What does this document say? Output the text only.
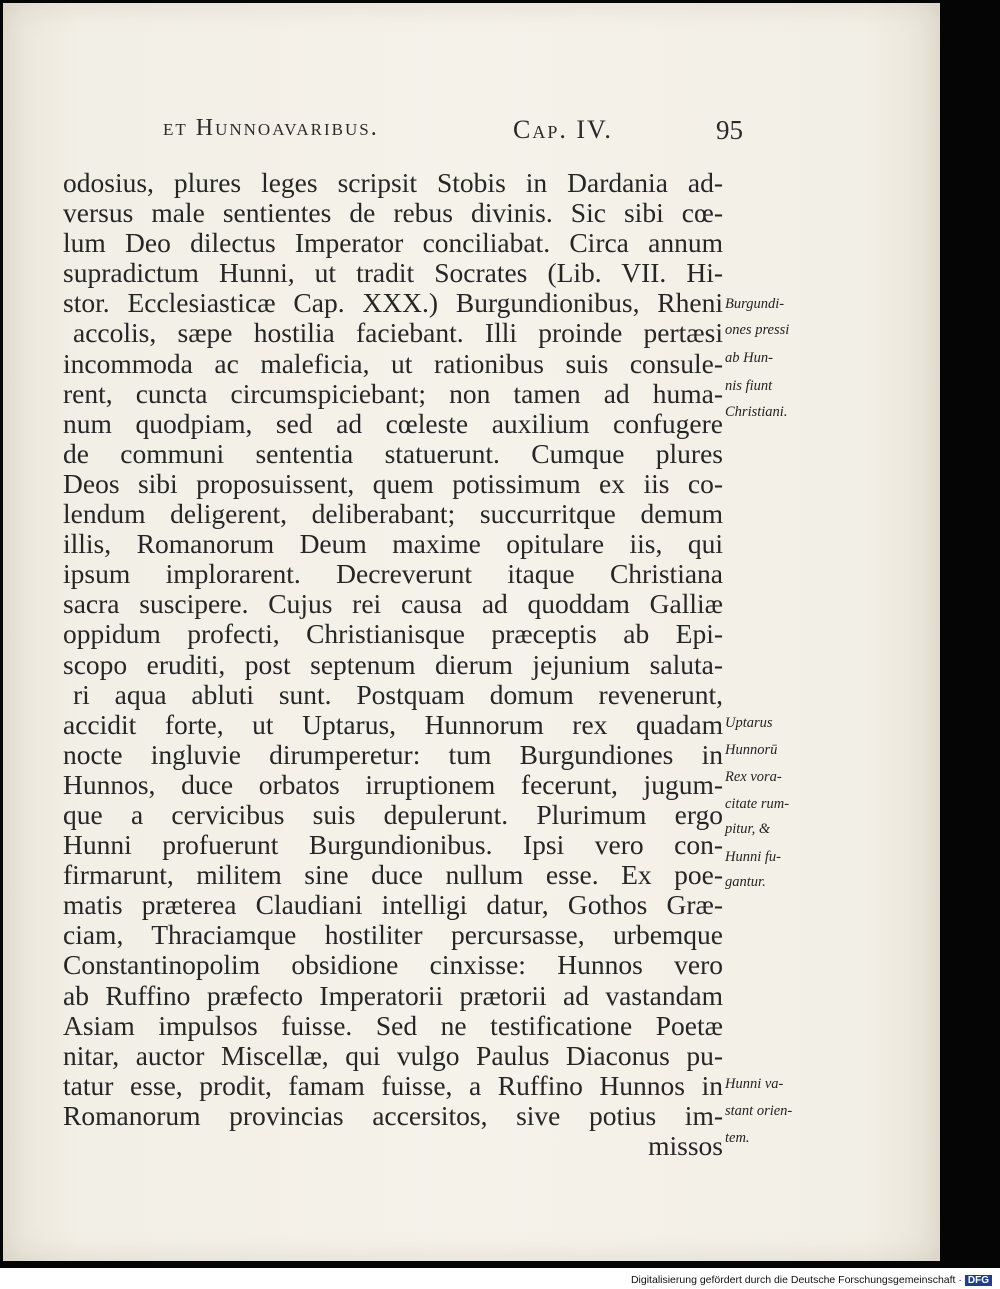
et Hunnoavaribus.	Cap. IV.	95
odosius, plures leges scripsit Stobis in Dardania ad-
versus male sentientes de rebus divinis. Sic sibi cœ-
lum Deo dilectus Imperator conciliabat. Circa annum
supradictum Hunni, ut tradit Socrates (Lib. VII. Hi-
stor. Ecclesiasticæ Cap. XXX.) Burgundionibus, Rheni
accolis, sæpe hostilia faciebant. Illi proinde pertæsi
incommoda ac maleficia, ut rationibus suis consule-
rent, cuncta circumspiciebant; non tamen ad huma-
num quodpiam, sed ad cœleste auxilium confugere
de communi sententia statuerunt. Cumque plures
Deos sibi proposuissent, quem potissimum ex iis co-
lendum deligerent, deliberabant; succurritque demum
illis, Romanorum Deum maxime opitulare iis, qui
ipsum implorarent. Decreverunt itaque Christiana
sacra suscipere. Cujus rei causa ad quoddam Galliæ
oppidum profecti, Christianisque præceptis ab Epi-
scopo eruditi, post septenum dierum jejunium saluta-
ri aqua abluti sunt. Postquam domum revenerunt,
accidit forte, ut Uptarus, Hunnorum rex quadam
nocte ingluvie dirumperetur: tum Burgundiones in
Hunnos, duce orbatos irruptionem fecerunt, jugum-
que a cervicibus suis depulerunt. Plurimum ergo
Hunni profuerunt Burgundionibus. Ipsi vero con-
firmarunt, militem sine duce nullum esse. Ex poe-
matis præterea Claudiani intelligi datur, Gothos Græ-
ciam, Thraciamque hostiliter percursasse, urbemque
Constantinopolim obsidione cinxisse: Hunnos vero
ab Ruffino præfecto Imperatorii prætorii ad vastandam
Asiam impulsos fuisse. Sed ne testificatione Poetæ
nitar, auctor Miscellæ, qui vulgo Paulus Diaconus pu-
tatur esse, prodit, famam fuisse, a Ruffino Hunnos in
Romanorum provincias accersitos, sive potius im-
missos
Burgundi-
ones pressi
ab Hun-
nis fiunt
Christiani.
Uptarus
Hunnorū
Rex vora-
citate rum-
pitur, &
Hunni fu-
gantur.
Hunni va-
stant orien-
tem.
Digitalisierung gefördert durch die Deutsche Forschungsgemeinschaft · DFG
